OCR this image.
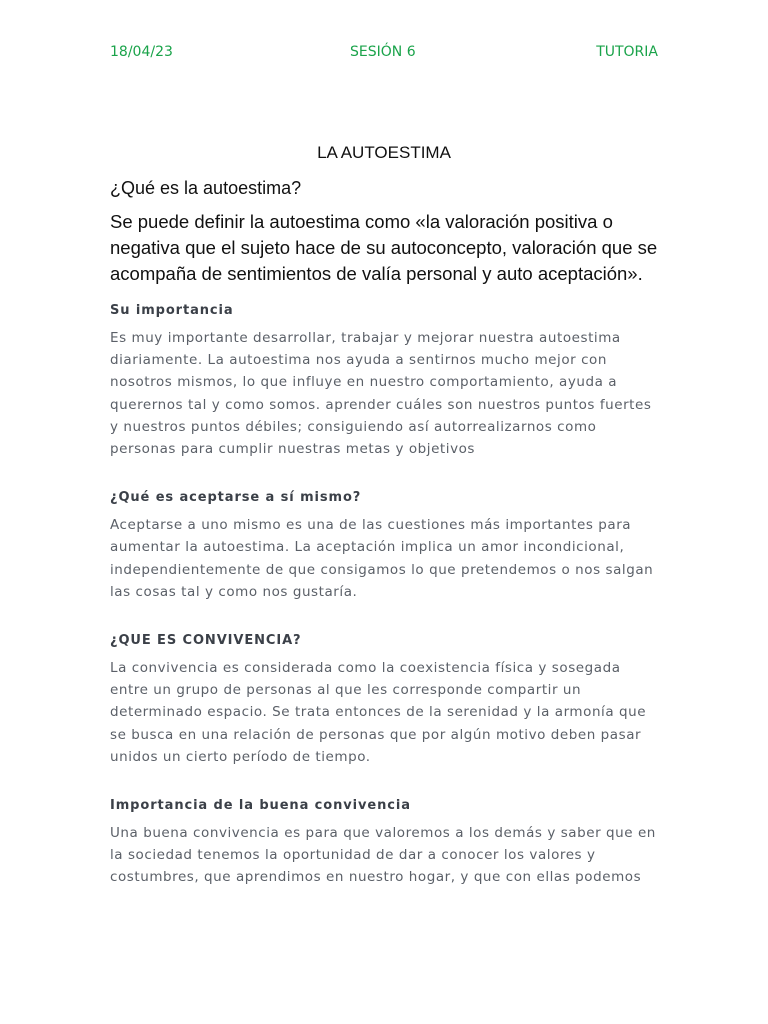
18/04/23	SESIÓN 6	TUTORIA
LA AUTOESTIMA
¿Qué es la autoestima?
Se puede definir la autoestima como «la valoración positiva o negativa que el sujeto hace de su autoconcepto, valoración que se acompaña de sentimientos de valía personal y auto aceptación».
Su importancia
Es muy importante desarrollar, trabajar y mejorar nuestra autoestima diariamente. La autoestima nos ayuda a sentirnos mucho mejor con nosotros mismos, lo que influye en nuestro comportamiento, ayuda a querernos tal y como somos. aprender cuáles son nuestros puntos fuertes y nuestros puntos débiles; consiguiendo así autorrealizarnos como personas para cumplir nuestras metas y objetivos
¿Qué es aceptarse a sí mismo?
Aceptarse a uno mismo es una de las cuestiones más importantes para aumentar la autoestima. La aceptación implica un amor incondicional, independientemente de que consigamos lo que pretendemos o nos salgan las cosas tal y como nos gustaría.
¿QUE ES CONVIVENCIA?
La convivencia es considerada como la coexistencia física y sosegada entre un grupo de personas al que les corresponde compartir un determinado espacio. Se trata entonces de la serenidad y la armonía que se busca en una relación de personas que por algún motivo deben pasar unidos un cierto período de tiempo.
Importancia de la buena convivencia
Una buena convivencia es para que valoremos a los demás y saber que en la sociedad tenemos la oportunidad de dar a conocer los valores y costumbres, que aprendimos en nuestro hogar, y que con ellas podemos
